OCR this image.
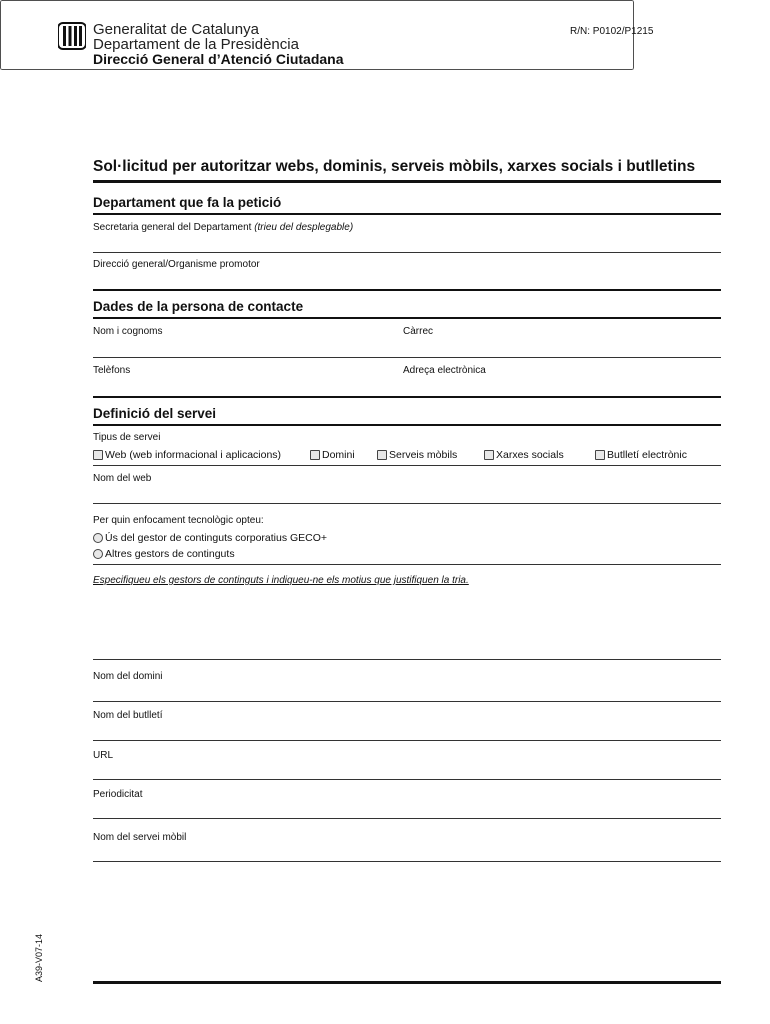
Generalitat de Catalunya
Departament de la Presidència
Direcció General d’Atenció Ciutadana
R/N: P0102/P1215
Sol·licitud per autoritzar webs, dominis, serveis mòbils, xarxes socials i butlletins
Departament que fa la petició
Secretaria general del Departament (trieu del desplegable)
Direcció general/Organisme promotor
Dades de la persona de contacte
Nom i cognoms	Càrrec
Telèfons	Adreça electrònica
Definició del servei
Tipus de servei
Web (web informacional i aplicacions)	Domini	Serveis mòbils	Xarxes socials	Butlletí electrònic
Nom del web
Per quin enfocament tecnològic opteu:
Ús del gestor de continguts corporatius GECO+
Altres gestors de continguts
Especifiqueu els gestors de continguts i indiqueu-ne els motius que justifiquen la tria.
Nom del domini
Nom del butlletí
URL
Periodicitat
Nom del servei mòbil
A39-V07-14
